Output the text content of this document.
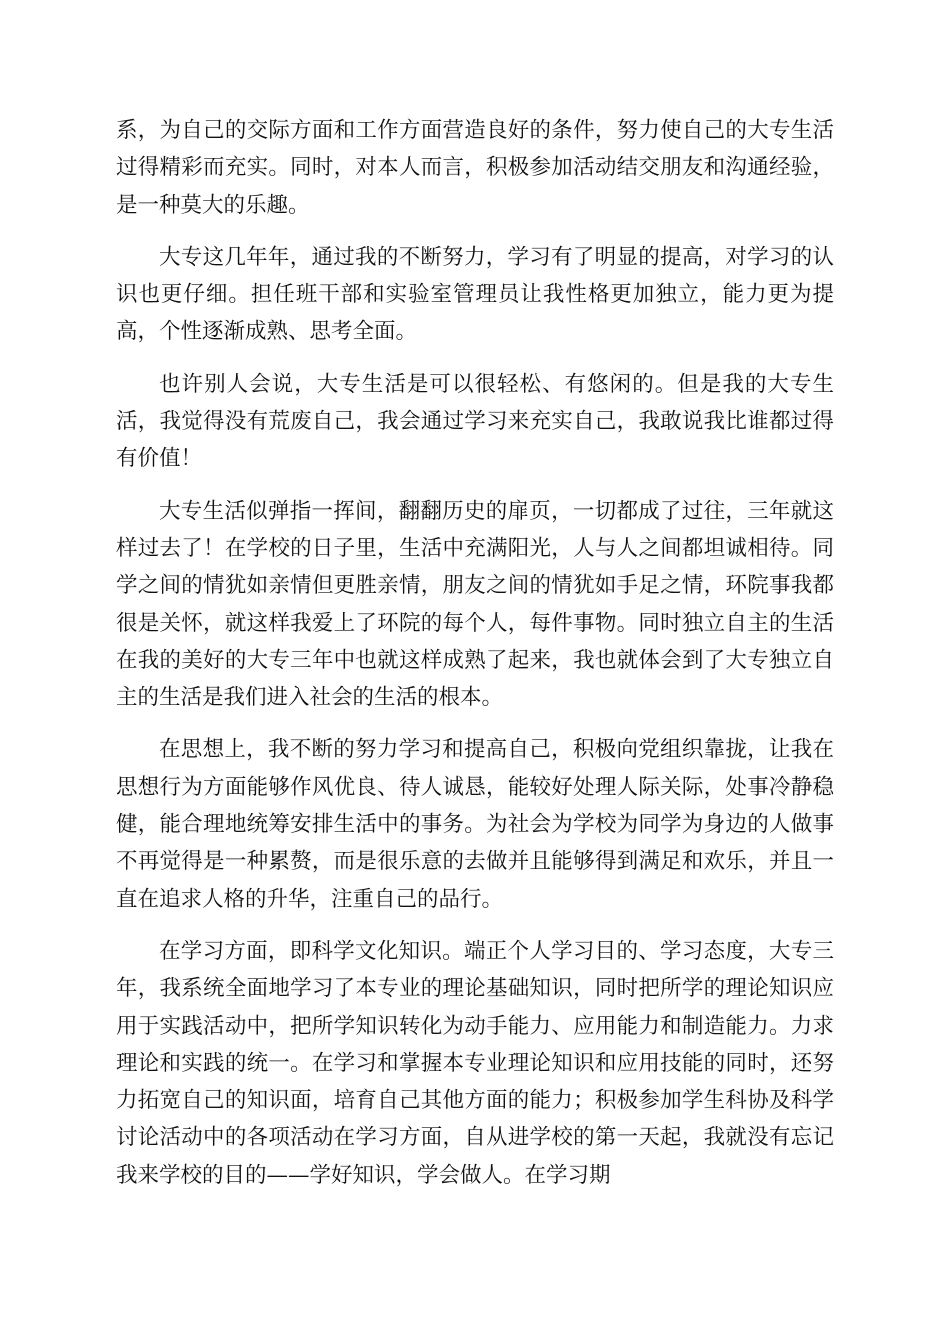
系，为自己的交际方面和工作方面营造良好的条件，努力使自己的大专生活过得精彩而充实。同时，对本人而言，积极参加活动结交朋友和沟通经验，是一种莫大的乐趣。

大专这几年年，通过我的不断努力，学习有了明显的提高，对学习的认识也更仔细。担任班干部和实验室管理员让我性格更加独立，能力更为提高，个性逐渐成熟、思考全面。

也许别人会说，大专生活是可以很轻松、有悠闲的。但是我的大专生活，我觉得没有荒废自己，我会通过学习来充实自己，我敢说我比谁都过得有价值！

大专生活似弹指一挥间，翻翻历史的扉页，一切都成了过往，三年就这样过去了！在学校的日子里，生活中充满阳光，人与人之间都坦诚相待。同学之间的情犹如亲情但更胜亲情，朋友之间的情犹如手足之情，环院事我都很是关怀，就这样我爱上了环院的每个人，每件事物。同时独立自主的生活在我的美好的大专三年中也就这样成熟了起来，我也就体会到了大专独立自主的生活是我们进入社会的生活的根本。

在思想上，我不断的努力学习和提高自己，积极向党组织靠拢，让我在思想行为方面能够作风优良、待人诚恳，能较好处理人际关际，处事冷静稳健，能合理地统筹安排生活中的事务。为社会为学校为同学为身边的人做事不再觉得是一种累赘，而是很乐意的去做并且能够得到满足和欢乐，并且一直在追求人格的升华，注重自己的品行。

在学习方面，即科学文化知识。端正个人学习目的、学习态度，大专三年，我系统全面地学习了本专业的理论基础知识，同时把所学的理论知识应用于实践活动中，把所学知识转化为动手能力、应用能力和制造能力。力求理论和实践的统一。在学习和掌握本专业理论知识和应用技能的同时，还努力拓宽自己的知识面，培育自己其他方面的能力；积极参加学生科协及科学讨论活动中的各项活动在学习方面，自从进学校的第一天起，我就没有忘记我来学校的目的——学好知识，学会做人。在学习期
